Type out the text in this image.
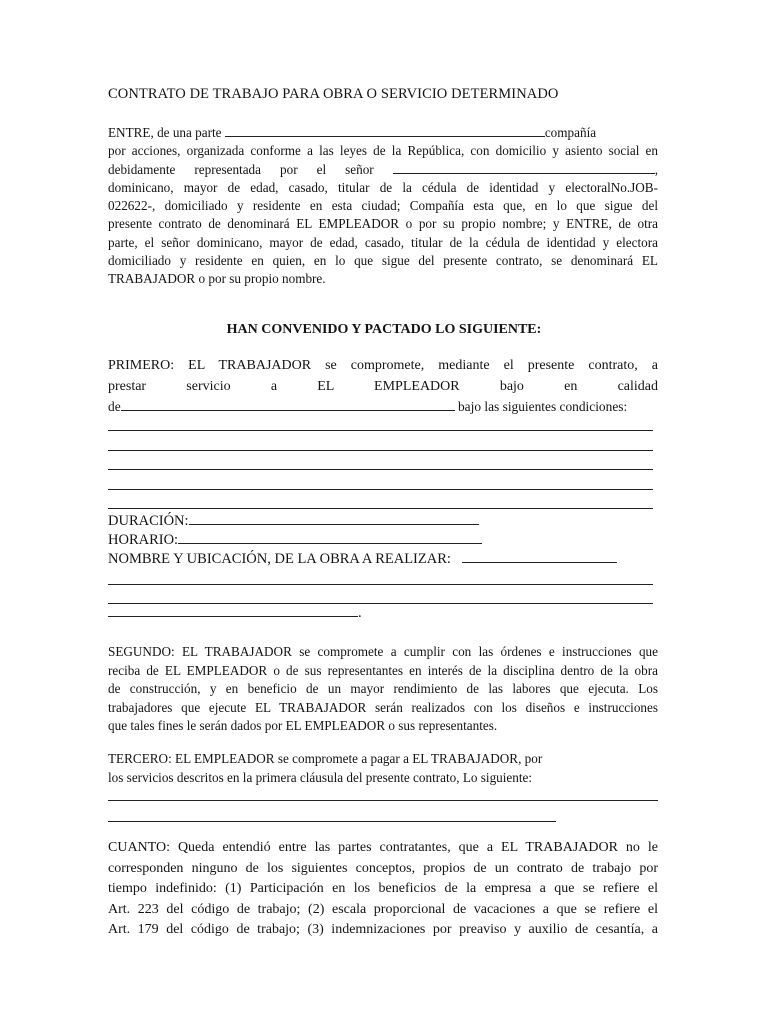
CONTRATO DE TRABAJO PARA OBRA O SERVICIO DETERMINADO
ENTRE, de una parte	compañía
por acciones, organizada conforme a las leyes de la República, con domicilio y asiento social en
debidamente representada por el señor	,
dominicano, mayor de edad, casado, titular de la cédula de identidad y electoralNo.JOB-
022622-, domiciliado y residente en esta ciudad; Compañía esta que, en lo que sigue del
presente contrato de denominará EL EMPLEADOR o por su propio nombre; y ENTRE, de otra
parte, el señor dominicano, mayor de edad, casado, titular de la cédula de identidad y electora
domiciliado y residente en quien, en lo que sigue del presente contrato, se denominará EL
TRABAJADOR o por su propio nombre.
HAN CONVENIDO Y PACTADO LO SIGUIENTE:
PRIMERO: EL TRABAJADOR se compromete, mediante el presente contrato, a
prestar servicio a EL EMPLEADOR bajo en calidad
de	bajo las siguientes condiciones:
DURACIÓN:
HORARIO:
NOMBRE Y UBICACIÓN, DE LA OBRA A REALIZAR:
.
SEGUNDO: EL TRABAJADOR se compromete a cumplir con las órdenes e instrucciones que
reciba de EL EMPLEADOR o de sus representantes en interés de la disciplina dentro de la obra
de construcción, y en beneficio de un mayor rendimiento de las labores que ejecuta. Los
trabajadores que ejecute EL TRABAJADOR serán realizados con los diseños e instrucciones
que tales fines le serán dados por EL EMPLEADOR o sus representantes.
TERCERO: EL EMPLEADOR se compromete a pagar a EL TRABAJADOR, por
los servicios descritos en la primera cláusula del presente contrato, Lo siguiente:
CUANTO: Queda entendió entre las partes contratantes, que a EL TRABAJADOR no le
corresponden ninguno de los siguientes conceptos, propios de un contrato de trabajo por
tiempo indefinido: (1) Participación en los beneficios de la empresa a que se refiere el
Art. 223 del código de trabajo; (2) escala proporcional de vacaciones a que se refiere el
Art. 179 del código de trabajo; (3) indemnizaciones por preaviso y auxilio de cesantía, a
